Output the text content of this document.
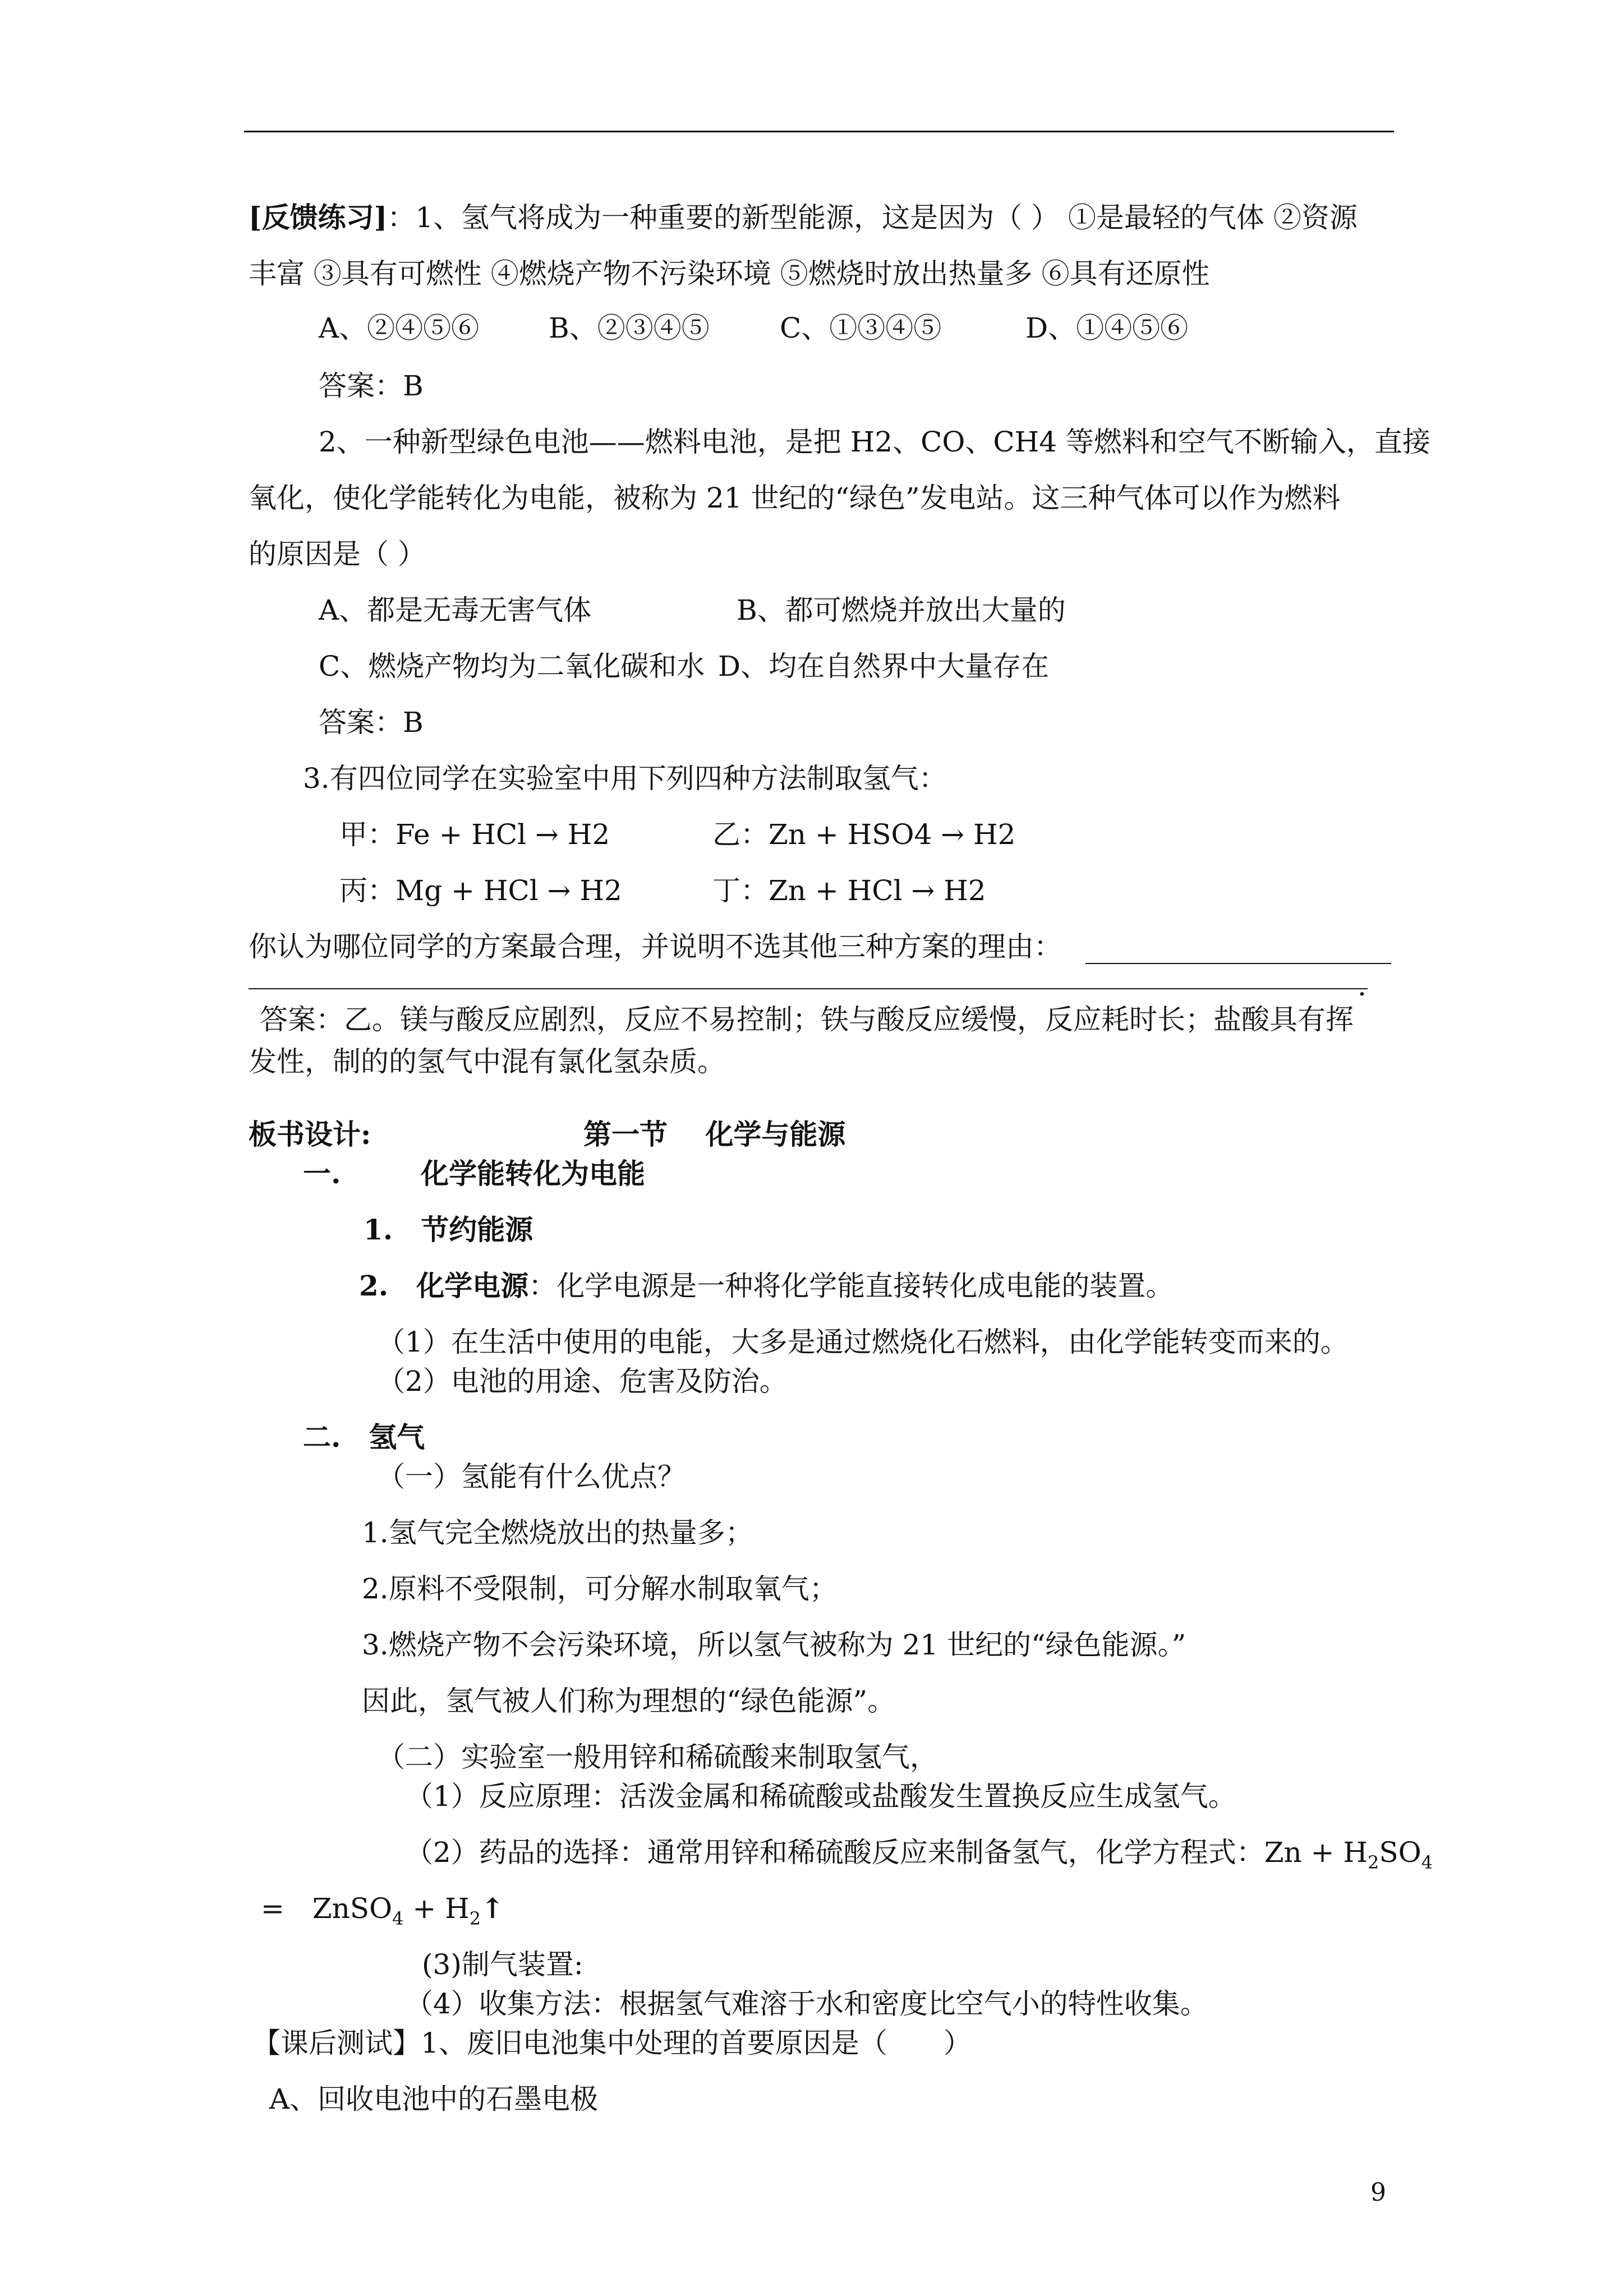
[反馈练习]：1、氢气将成为一种重要的新型能源，这是因为（ ） ①是最轻的气体 ②资源
丰富 ③具有可燃性 ④燃烧产物不污染环境 ⑤燃烧时放出热量多 ⑥具有还原性
A、②④⑤⑥ B、②③④⑤	C、①③④⑤	D、①④⑤⑥
答案：B
2、一种新型绿色电池——燃料电池，是把 H2、CO、CH4 等燃料和空气不断输入，直接
氧化，使化学能转化为电能，被称为 21 世纪的“绿色”发电站。这三种气体可以作为燃料
的原因是（ ）
A、都是无毒无害气体	B、都可燃烧并放出大量的
C、燃烧产物均为二氧化碳和水 D、均在自然界中大量存在
答案：B
3.有四位同学在实验室中用下列四种方法制取氢气：
甲：Fe + HCl → H2	乙：Zn + HSO4 → H2
丙：Mg + HCl → H2	丁：Zn + HCl → H2
你认为哪位同学的方案最合理，并说明不选其他三种方案的理由：
.
答案：乙。镁与酸反应剧烈，反应不易控制；铁与酸反应缓慢，反应耗时长；盐酸具有挥
发性，制的的氢气中混有氯化氢杂质。
板书设计:	第一节　 化学与能源
一.	化学能转化为电能
1.　节约能源
2.　化学电源：化学电源是一种将化学能直接转化成电能的装置。
（1）在生活中使用的电能，大多是通过燃烧化石燃料，由化学能转变而来的。
（2）电池的用途、危害及防治。
二.　氢气
（一）氢能有什么优点？
1.氢气完全燃烧放出的热量多；
2.原料不受限制，可分解水制取氧气；
3.燃烧产物不会污染环境，所以氢气被称为 21 世纪的“绿色能源。”
因此，氢气被人们称为理想的“绿色能源”。
（二）实验室一般用锌和稀硫酸来制取氢气，
（1）反应原理：活泼金属和稀硫酸或盐酸发生置换反应生成氢气。
（2）药品的选择：通常用锌和稀硫酸反应来制备氢气，化学方程式：$Zn + H_2SO_4$
=　ZnSO$_4$ + $H_2↑$
(3)制气装置:
（4）收集方法：根据氢气难溶于水和密度比空气小的特性收集。
【课后测试】1、废旧电池集中处理的首要原因是（　　）
A、回收电池中的石墨电极
9
